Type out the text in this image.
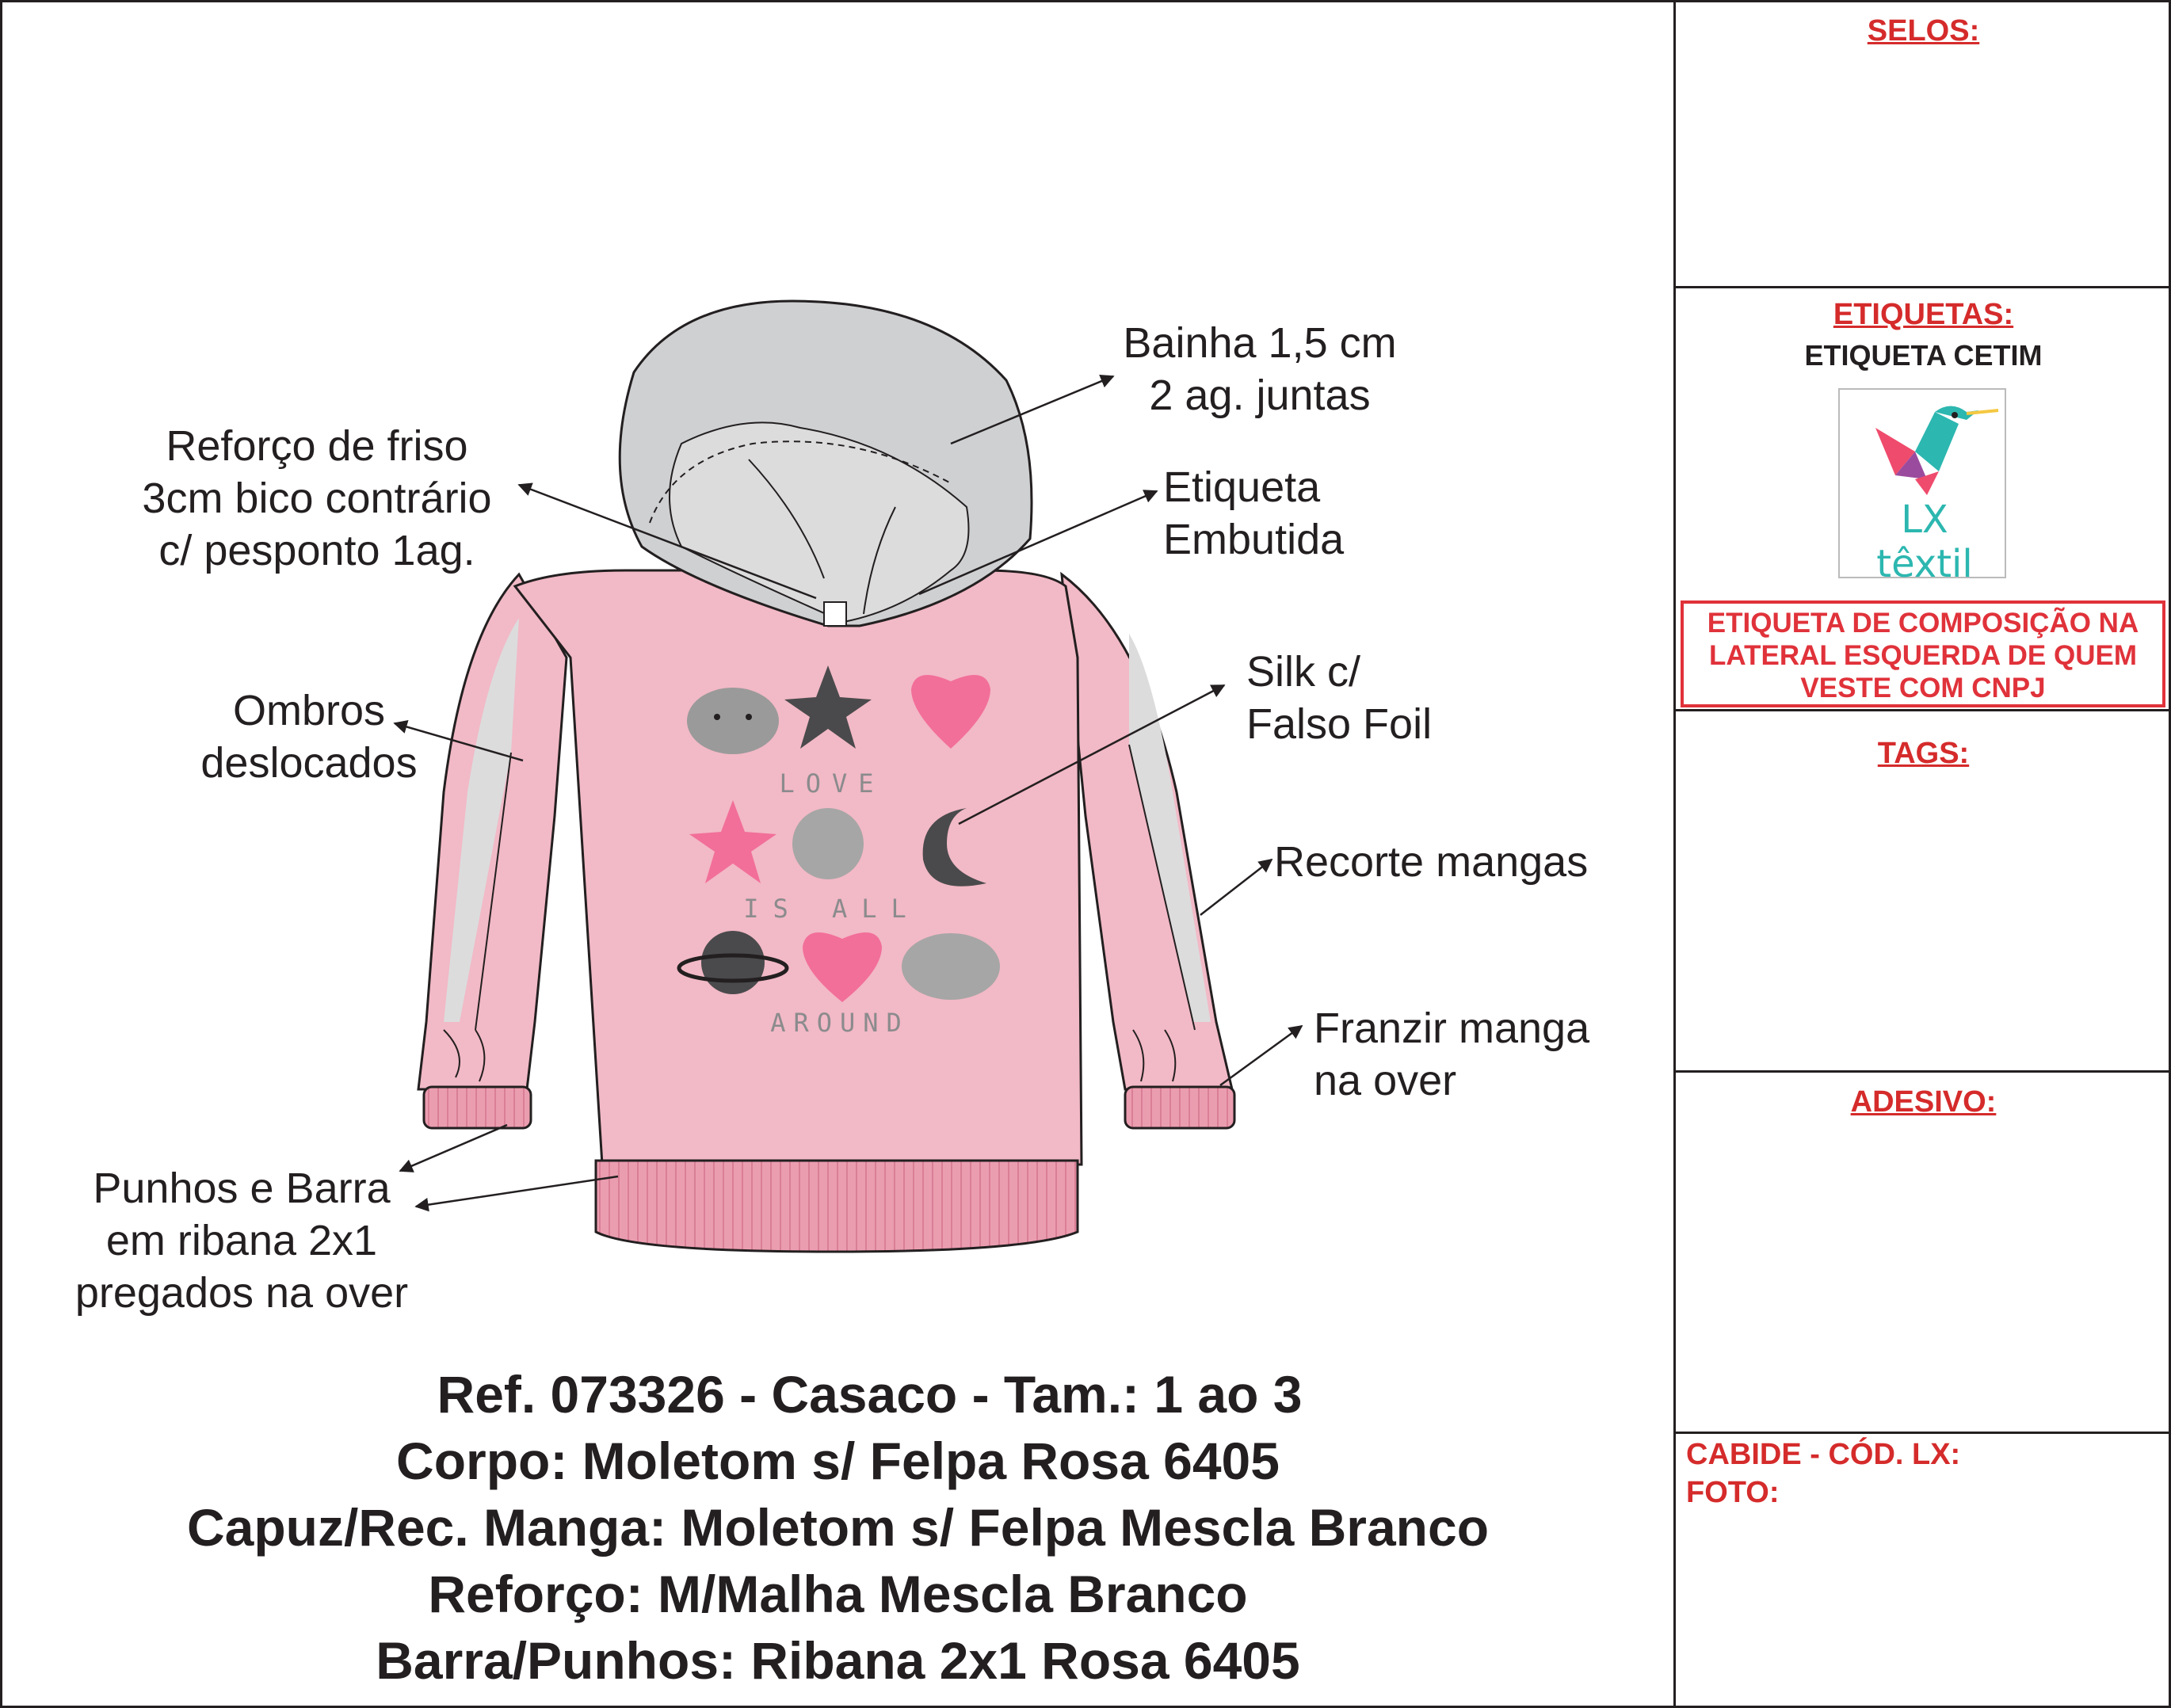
LOVE
IS ALL
AROUND
Bainha 1,5 cm
2 ag. juntas
Reforço de friso
3cm bico contrário
c/ pesponto 1ag.
Etiqueta
Embutida
Silk c/
Falso Foil
Ombros
deslocados
Recorte mangas
Franzir manga
na over
Punhos e Barra
em ribana 2x1
pregados na over
Ref. 073326 - Casaco - Tam.: 1 ao 3
Corpo: Moletom s/ Felpa Rosa 6405
Capuz/Rec. Manga: Moletom s/ Felpa Mescla Branco
Reforço: M/Malha Mescla Branco
Barra/Punhos: Ribana 2x1 Rosa 6405
SELOS:
ETIQUETAS:
ETIQUETA CETIM
LX têxtil
ETIQUETA DE COMPOSIÇÃO NA
LATERAL ESQUERDA DE QUEM
VESTE COM CNPJ
TAGS:
ADESIVO:
CABIDE - CÓD. LX:
FOTO:
